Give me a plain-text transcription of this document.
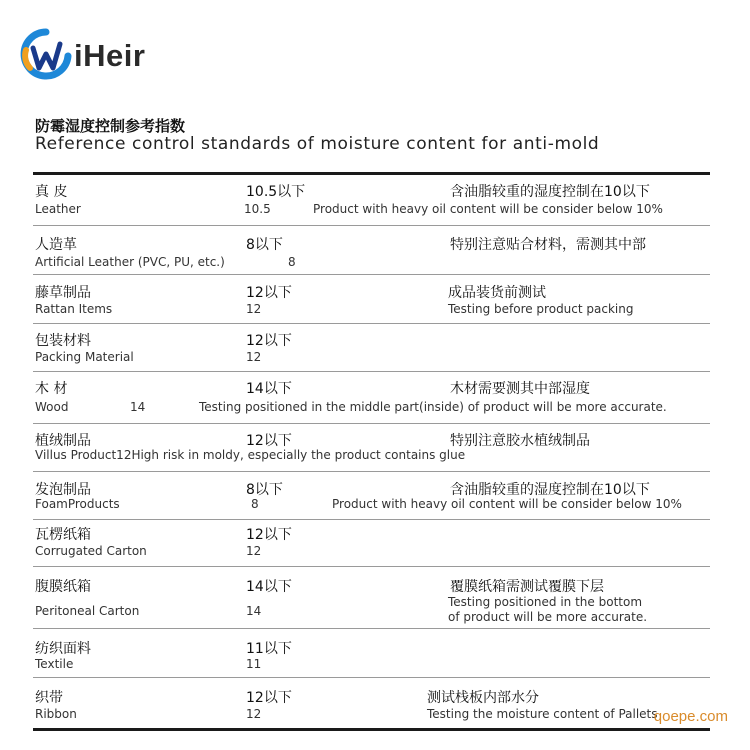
iHeir
防霉湿度控制参考指数
Reference control standards of moisture content for anti-mold
真 皮
Leather
10.5以下
10.5
含油脂较重的湿度控制在10以下
Product with heavy oil content will be consider below 10%
人造革
Artificial Leather (PVC, PU, etc.)
8以下
8
特别注意贴合材料，需测其中部
藤草制品
Rattan Items
12以下
12
成品装货前测试
Testing before product packing
包装材料
Packing Material
12以下
12
木 材
Wood
14以下
14
木材需要测其中部湿度
Testing positioned in the middle part(inside) of product will be more accurate.
植绒制品
Villus Product12High risk in moldy, especially the product contains glue
12以下	特别注意胶水植绒制品
发泡制品
FoamProducts
8以下
8
含油脂较重的湿度控制在10以下
Product with heavy oil content will be consider below 10%
瓦楞纸箱
Corrugated Carton
12以下
12
腹膜纸箱
Peritoneal Carton
14以下
14
覆膜纸箱需测试覆膜下层
Testing positioned in the bottom
of product will be more accurate.
纺织面料
Textile
11以下
11
织带
Ribbon
12以下
12
测试栈板内部水分
Testing the moisture content of Pallets
qoepe.com
